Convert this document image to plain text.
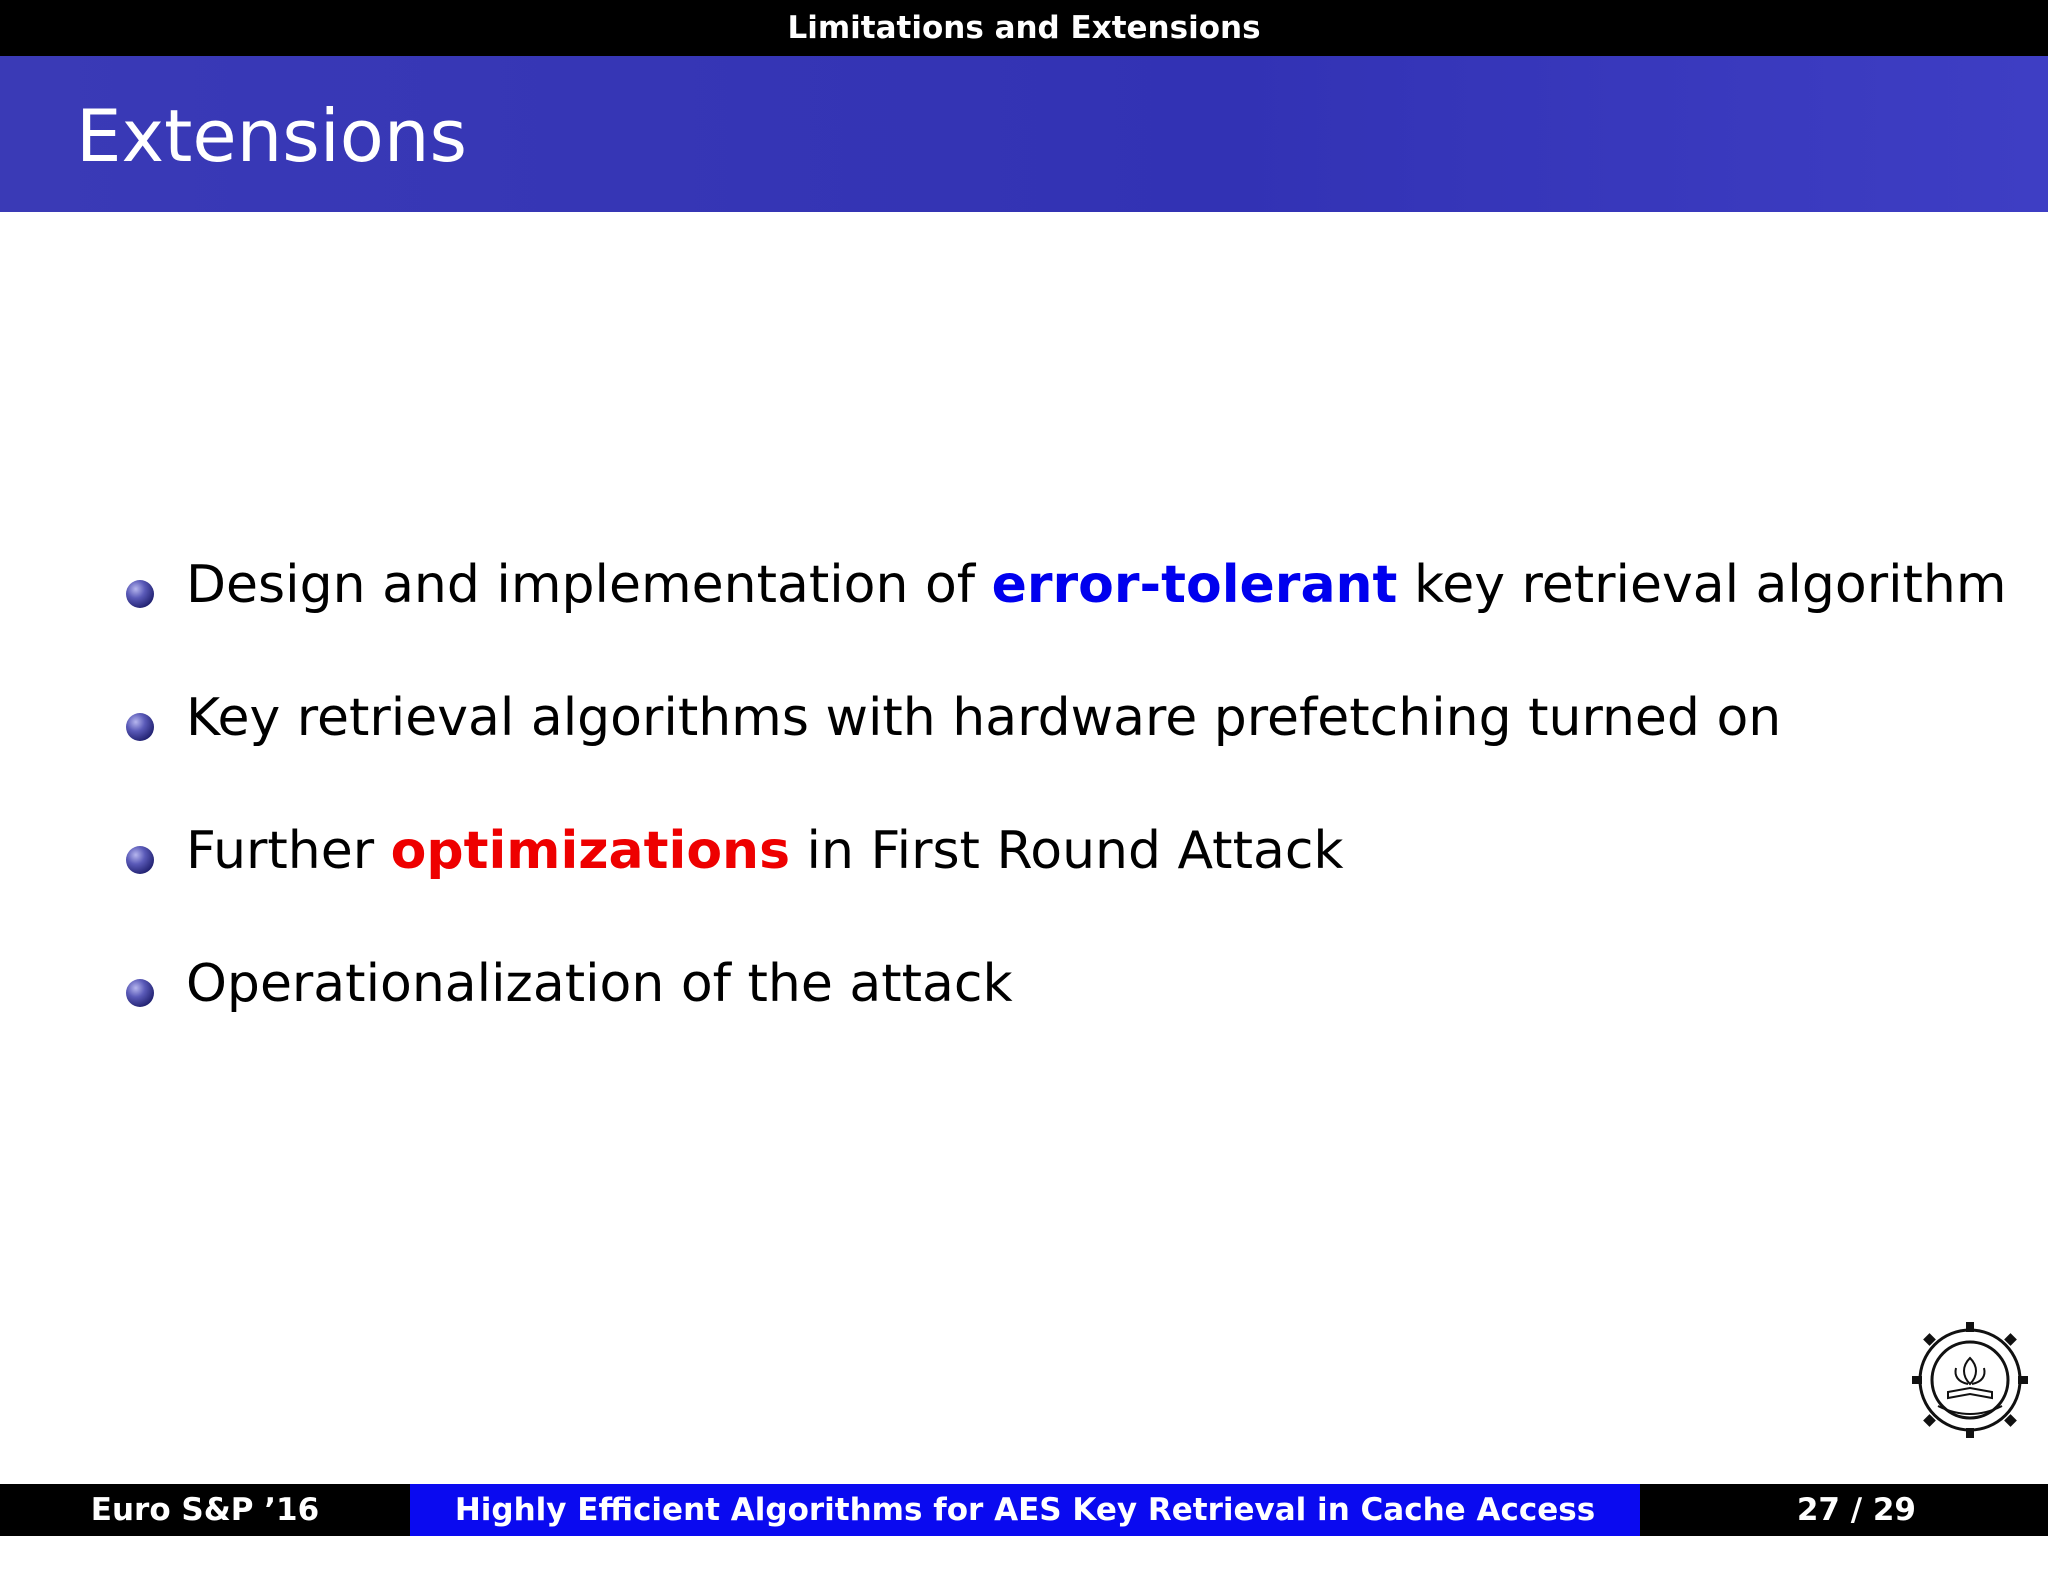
Limitations and Extensions
Extensions
Design and implementation of error-tolerant key retrieval algorithm
Key retrieval algorithms with hardware prefetching turned on
Further optimizations in First Round Attack
Operationalization of the attack
Euro S&P ’16	Highly Efficient Algorithms for AES Key Retrieval in Cache Access Attacks
27 / 29
